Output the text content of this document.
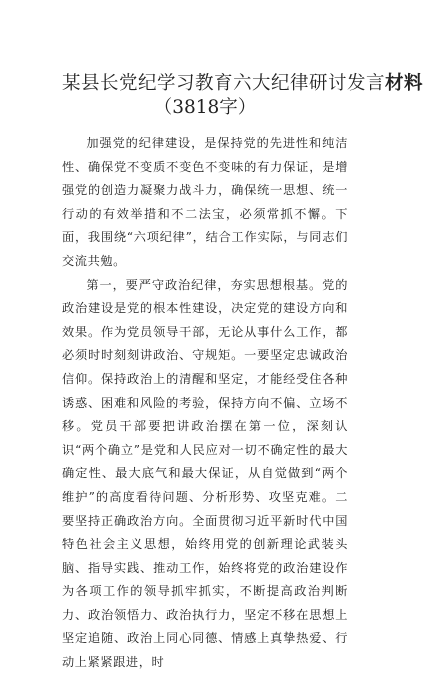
某县长党纪学习教育六大纪律研讨发言材料
（3818字）

加强党的纪律建设，是保持党的先进性和纯洁性、确保党不变质不变色不变味的有力保证，是增强党的创造力凝聚力战斗力，确保统一思想、统一行动的有效举措和不二法宝，必须常抓不懈。下面，我围绕“六项纪律”，结合工作实际，与同志们交流共勉。

第一，要严守政治纪律，夯实思想根基。党的政治建设是党的根本性建设，决定党的建设方向和效果。作为党员领导干部，无论从事什么工作，都必须时时刻刻讲政治、守规矩。一要坚定忠诚政治信仰。保持政治上的清醒和坚定，才能经受住各种诱惑、困难和风险的考验，保持方向不偏、立场不移。党员干部要把讲政治摆在第一位，深刻认识“两个确立”是党和人民应对一切不确定性的最大确定性、最大底气和最大保证，从自觉做到“两个维护”的高度看待问题、分析形势、攻坚克难。二要坚持正确政治方向。全面贯彻习近平新时代中国特色社会主义思想，始终用党的创新理论武装头脑、指导实践、推动工作，始终将党的政治建设作为各项工作的领导抓牢抓实，不断提高政治判断力、政治领悟力、政治执行力，坚定不移在思想上坚定追随、政治上同心同德、情感上真挚热爱、行动上紧紧跟进，时
